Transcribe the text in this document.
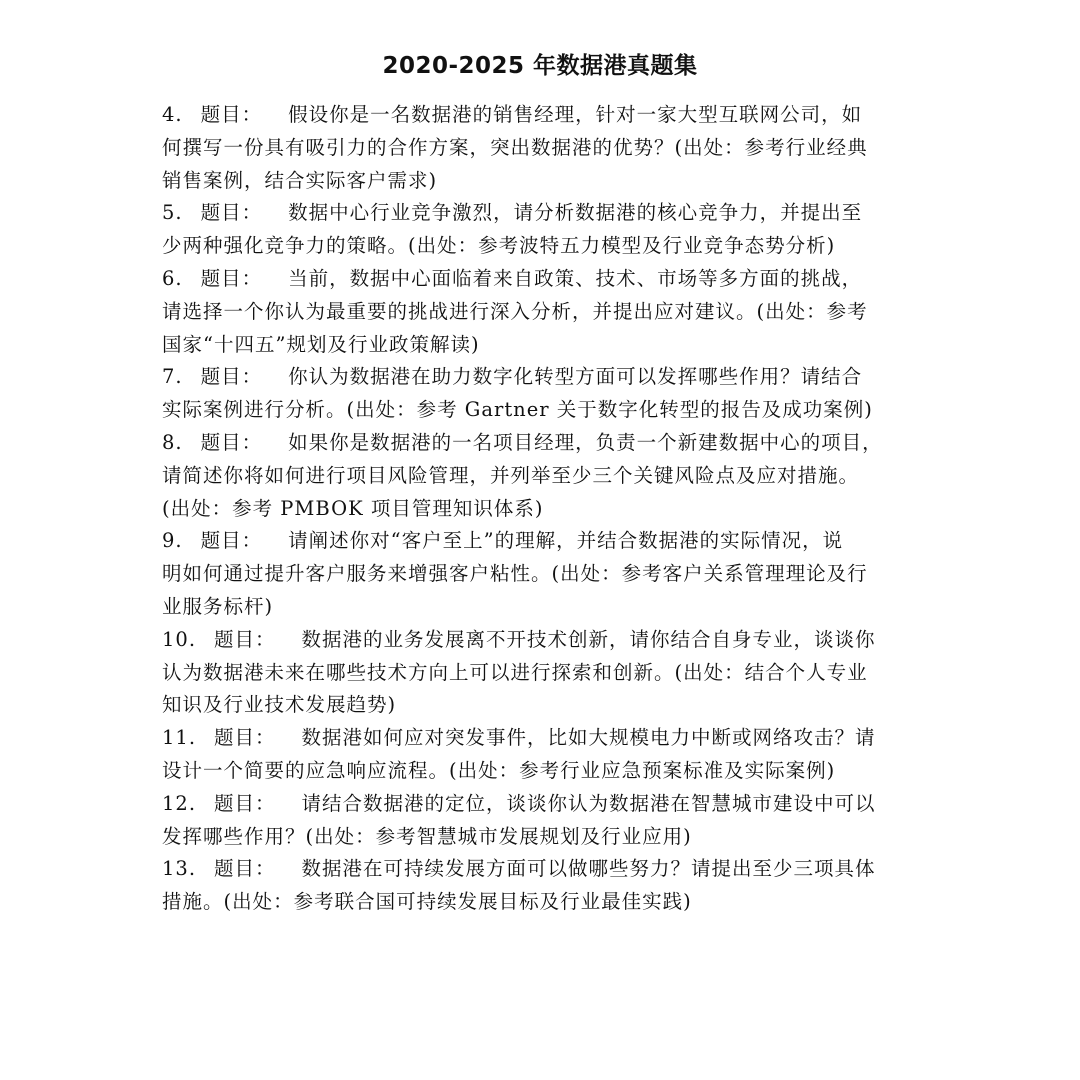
2020-2025 年数据港真题集
4. 题目： 假设你是一名数据港的销售经理，针对一家大型互联网公司，如
何撰写一份具有吸引力的合作方案，突出数据港的优势？(出处：参考行业经典
销售案例，结合实际客户需求)
5. 题目： 数据中心行业竞争激烈，请分析数据港的核心竞争力，并提出至
少两种强化竞争力的策略。(出处：参考波特五力模型及行业竞争态势分析)
6. 题目： 当前，数据中心面临着来自政策、技术、市场等多方面的挑战，
请选择一个你认为最重要的挑战进行深入分析，并提出应对建议。(出处：参考
国家“十四五”规划及行业政策解读)
7. 题目： 你认为数据港在助力数字化转型方面可以发挥哪些作用？请结合
实际案例进行分析。(出处：参考 Gartner 关于数字化转型的报告及成功案例)
8. 题目： 如果你是数据港的一名项目经理，负责一个新建数据中心的项目，
请简述你将如何进行项目风险管理，并列举至少三个关键风险点及应对措施。
(出处：参考 PMBOK 项目管理知识体系)
9. 题目： 请阐述你对“客户至上”的理解，并结合数据港的实际情况，说
明如何通过提升客户服务来增强客户粘性。(出处：参考客户关系管理理论及行
业服务标杆)
10. 题目： 数据港的业务发展离不开技术创新，请你结合自身专业，谈谈你
认为数据港未来在哪些技术方向上可以进行探索和创新。(出处：结合个人专业
知识及行业技术发展趋势)
11. 题目： 数据港如何应对突发事件，比如大规模电力中断或网络攻击？请
设计一个简要的应急响应流程。(出处：参考行业应急预案标准及实际案例)
12. 题目： 请结合数据港的定位，谈谈你认为数据港在智慧城市建设中可以
发挥哪些作用？(出处：参考智慧城市发展规划及行业应用)
13. 题目： 数据港在可持续发展方面可以做哪些努力？请提出至少三项具体
措施。(出处：参考联合国可持续发展目标及行业最佳实践)
